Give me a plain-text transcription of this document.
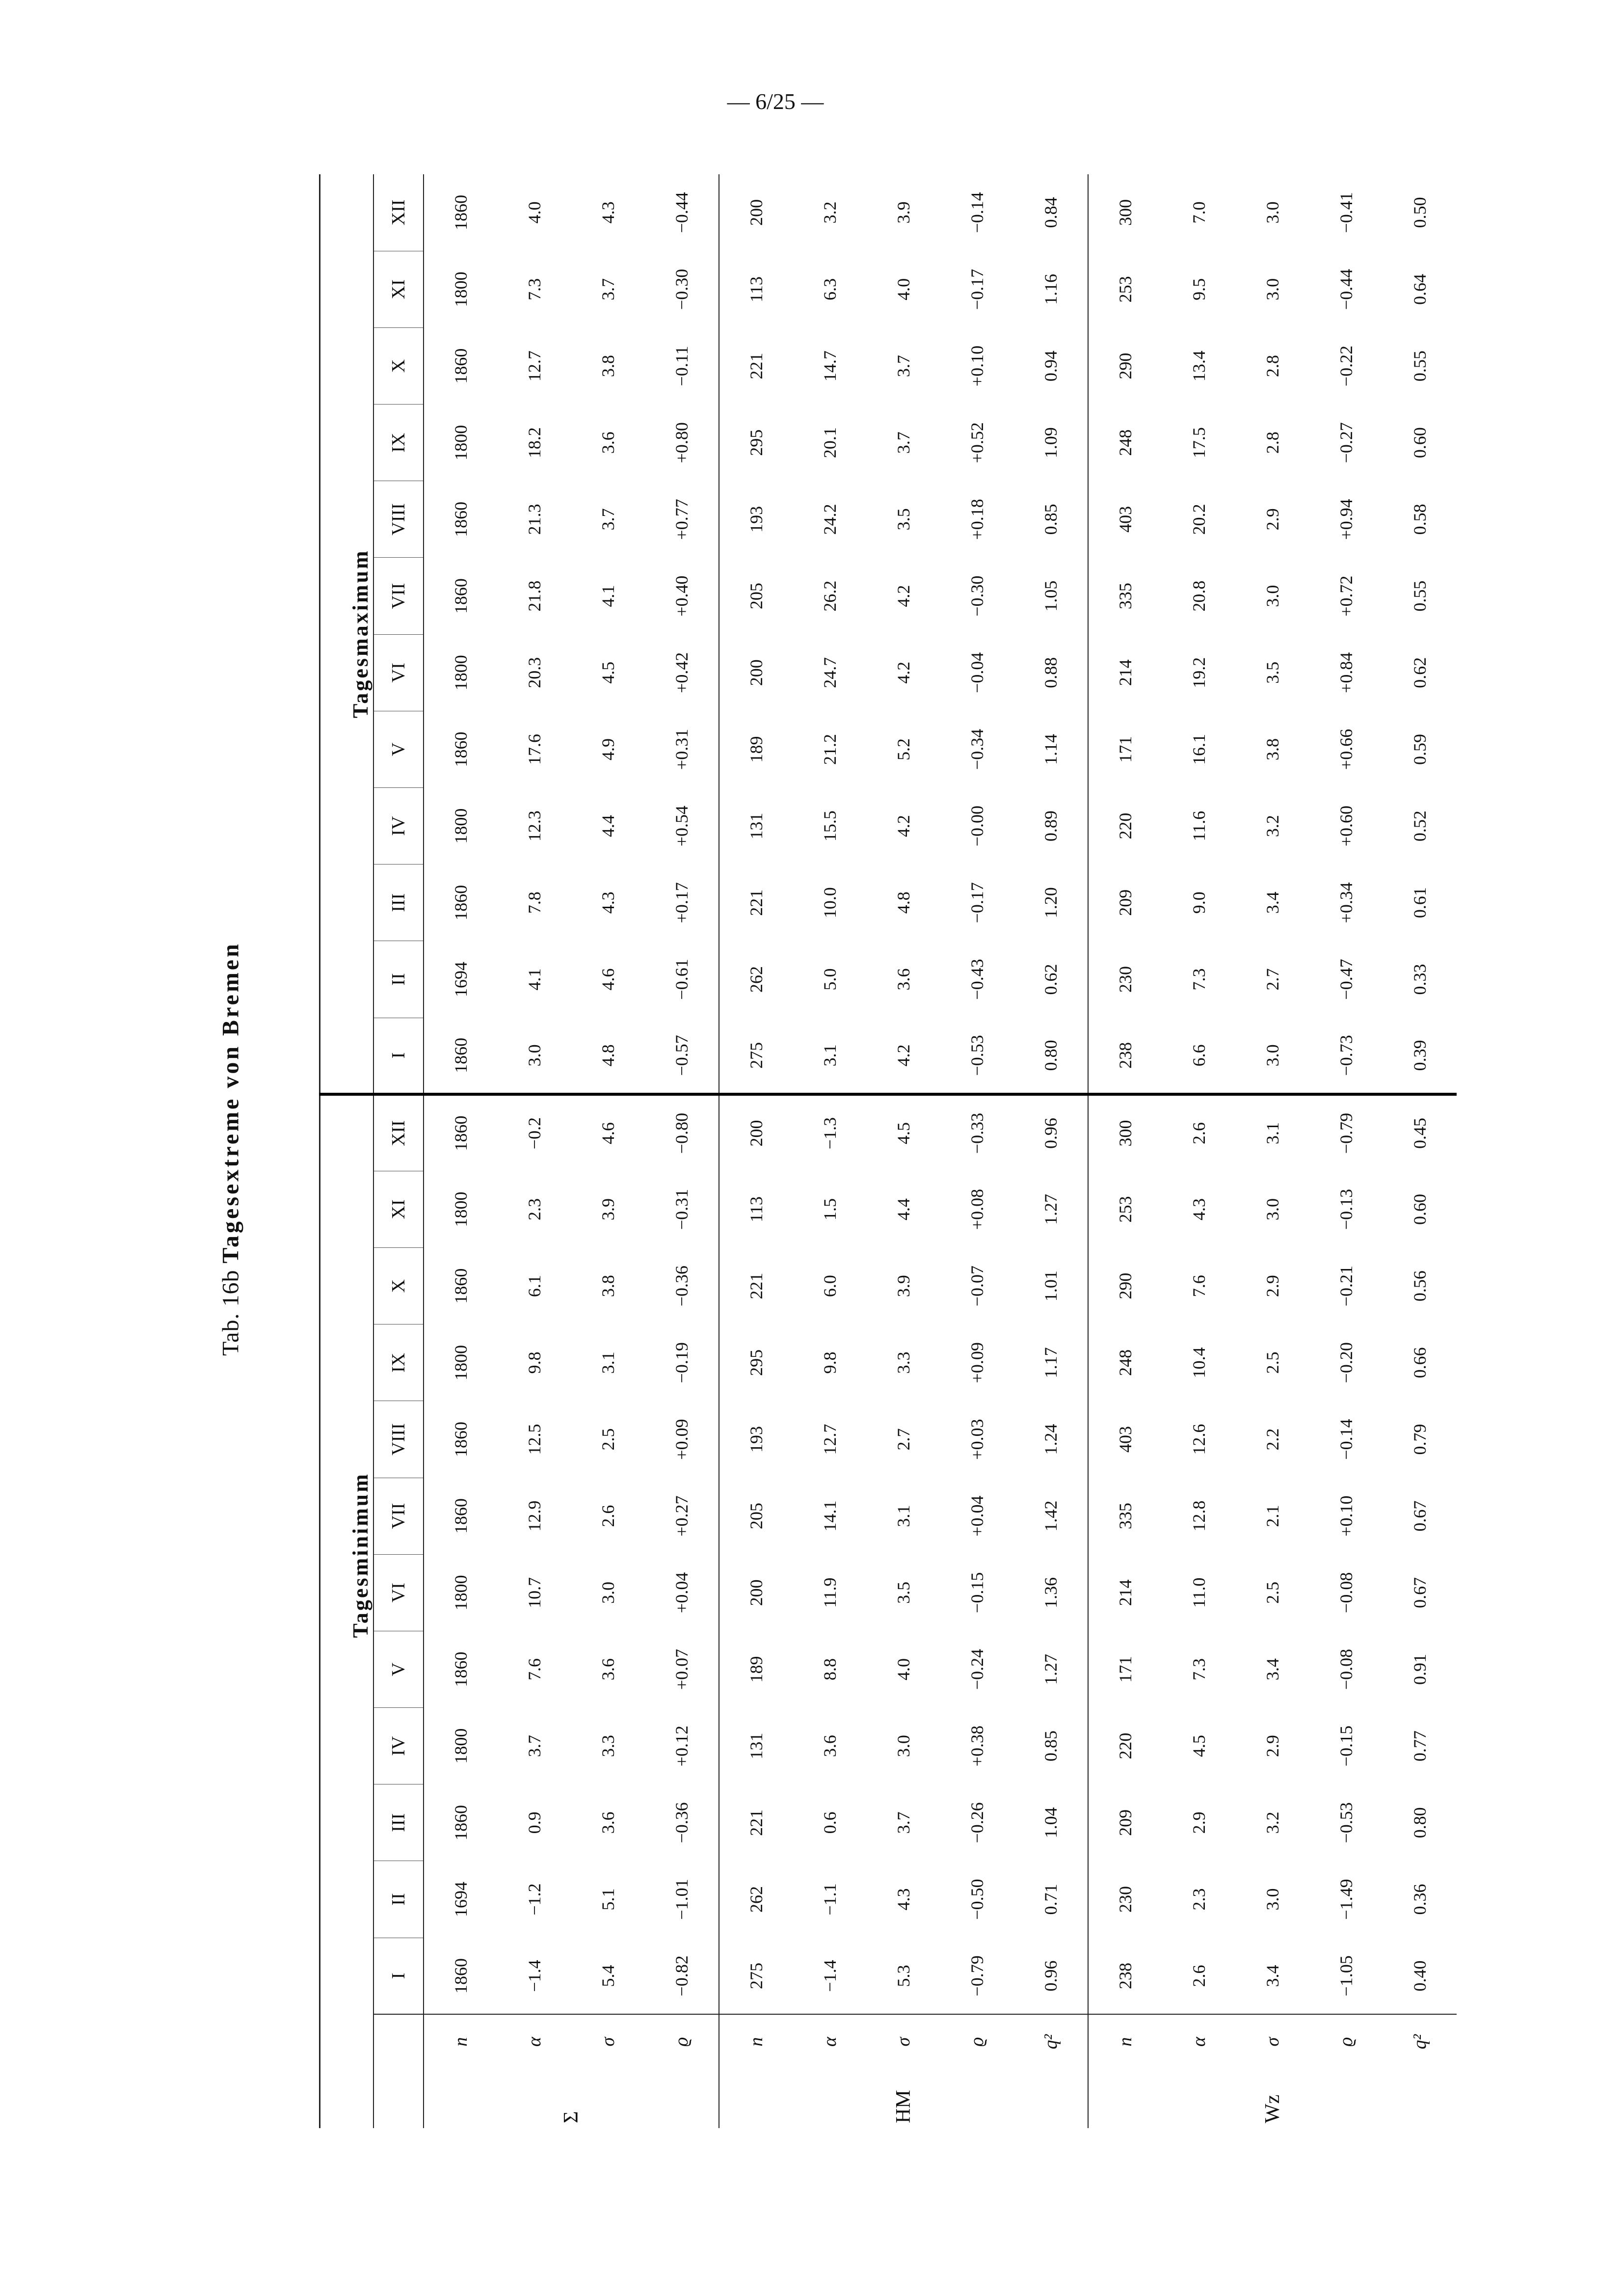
— 6/25 —
Tab. 16b Tagesextreme von Bremen
		Tagesminimum												Tagesmaximum											
		I	II	III	IV	V	VI	VII	VIII	IX	X	XI	XII	I	II	III	IV	V	VI	VII	VIII	IX	X	XI	XII
Σ	n	1860	1694	1860	1800	1860	1800	1860	1860	1800	1860	1800	1860	1860	1694	1860	1800	1860	1800	1860	1860	1800	1860	1800	1860
	α	−1.4	−1.2	0.9	3.7	7.6	10.7	12.9	12.5	9.8	6.1	2.3	−0.2	3.0	4.1	7.8	12.3	17.6	20.3	21.8	21.3	18.2	12.7	7.3	4.0
	σ	5.4	5.1	3.6	3.3	3.6	3.0	2.6	2.5	3.1	3.8	3.9	4.6	4.8	4.6	4.3	4.4	4.9	4.5	4.1	3.7	3.6	3.8	3.7	4.3
	ϱ	−0.82	−1.01	−0.36	+0.12	+0.07	+0.04	+0.27	+0.09	−0.19	−0.36	−0.31	−0.80	−0.57	−0.61	+0.17	+0.54	+0.31	+0.42	+0.40	+0.77	+0.80	−0.11	−0.30	−0.44
HM	n	275	262	221	131	189	200	205	193	295	221	113	200	275	262	221	131	189	200	205	193	295	221	113	200
	α	−1.4	−1.1	0.6	3.6	8.8	11.9	14.1	12.7	9.8	6.0	1.5	−1.3	3.1	5.0	10.0	15.5	21.2	24.7	26.2	24.2	20.1	14.7	6.3	3.2
	σ	5.3	4.3	3.7	3.0	4.0	3.5	3.1	2.7	3.3	3.9	4.4	4.5	4.2	3.6	4.8	4.2	5.2	4.2	4.2	3.5	3.7	3.7	4.0	3.9
	ϱ	−0.79	−0.50	−0.26	+0.38	−0.24	−0.15	+0.04	+0.03	+0.09	−0.07	+0.08	−0.33	−0.53	−0.43	−0.17	−0.00	−0.34	−0.04	−0.30	+0.18	+0.52	+0.10	−0.17	−0.14
	q²	0.96	0.71	1.04	0.85	1.27	1.36	1.42	1.24	1.17	1.01	1.27	0.96	0.80	0.62	1.20	0.89	1.14	0.88	1.05	0.85	1.09	0.94	1.16	0.84
Wz	n	238	230	209	220	171	214	335	403	248	290	253	300	238	230	209	220	171	214	335	403	248	290	253	300
	α	2.6	2.3	2.9	4.5	7.3	11.0	12.8	12.6	10.4	7.6	4.3	2.6	6.6	7.3	9.0	11.6	16.1	19.2	20.8	20.2	17.5	13.4	9.5	7.0
	σ	3.4	3.0	3.2	2.9	3.4	2.5	2.1	2.2	2.5	2.9	3.0	3.1	3.0	2.7	3.4	3.2	3.8	3.5	3.0	2.9	2.8	2.8	3.0	3.0
	ϱ	−1.05	−1.49	−0.53	−0.15	−0.08	−0.08	+0.10	−0.14	−0.20	−0.21	−0.13	−0.79	−0.73	−0.47	+0.34	+0.60	+0.66	+0.84	+0.72	+0.94	−0.27	−0.22	−0.44	−0.41
	q²	0.40	0.36	0.80	0.77	0.91	0.67	0.67	0.79	0.66	0.56	0.60	0.45	0.39	0.33	0.61	0.52	0.59	0.62	0.55	0.58	0.60	0.55	0.64	0.50
